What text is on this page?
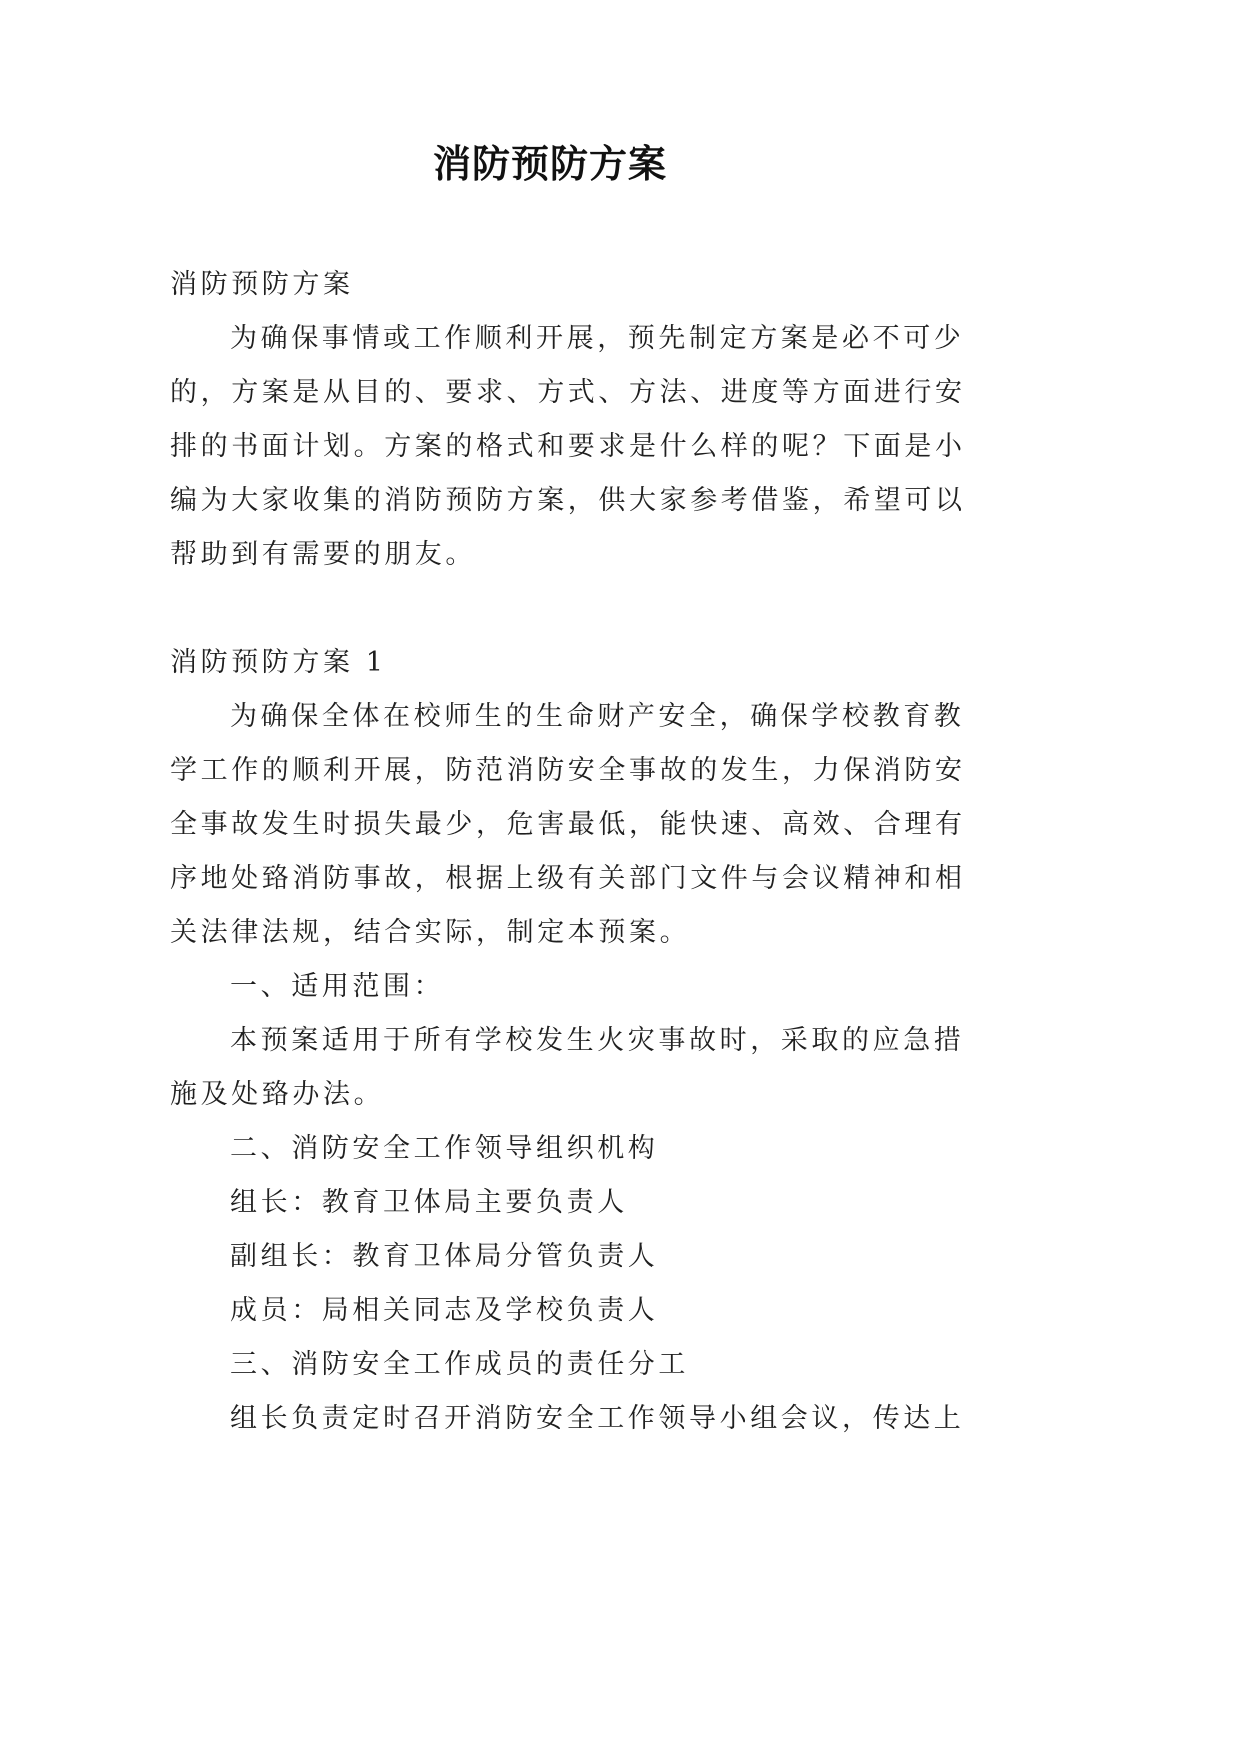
消防预防方案
消防预防方案
为确保事情或工作顺利开展，预先制定方案是必不可少
的，方案是从目的、要求、方式、方法、进度等方面进行安
排的书面计划。方案的格式和要求是什么样的呢？下面是小
编为大家收集的消防预防方案，供大家参考借鉴，希望可以
帮助到有需要的朋友。
消防预防方案 1
为确保全体在校师生的生命财产安全，确保学校教育教
学工作的顺利开展，防范消防安全事故的发生，力保消防安
全事故发生时损失最少，危害最低，能快速、高效、合理有
序地处臵消防事故，根据上级有关部门文件与会议精神和相
关法律法规，结合实际，制定本预案。
一、适用范围：
本预案适用于所有学校发生火灾事故时，采取的应急措
施及处臵办法。
二、消防安全工作领导组织机构
组长：教育卫体局主要负责人
副组长：教育卫体局分管负责人
成员：局相关同志及学校负责人
三、消防安全工作成员的责任分工
组长负责定时召开消防安全工作领导小组会议，传达上
